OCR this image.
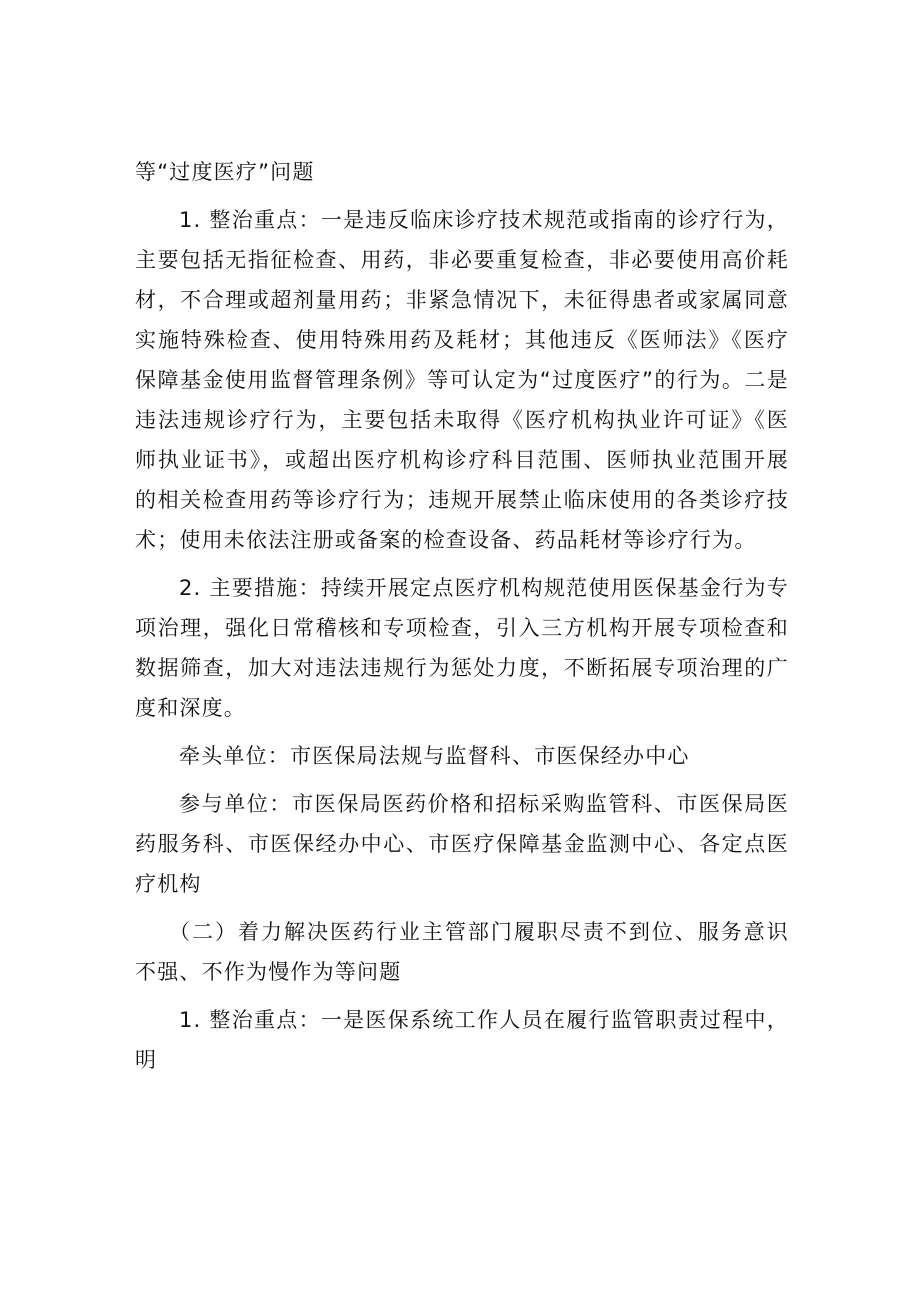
等“过度医疗”问题

1. 整治重点：一是违反临床诊疗技术规范或指南的诊疗行为，主要包括无指征检查、用药，非必要重复检查，非必要使用高价耗材，不合理或超剂量用药；非紧急情况下，未征得患者或家属同意实施特殊检查、使用特殊用药及耗材；其他违反《医师法》《医疗保障基金使用监督管理条例》等可认定为“过度医疗”的行为。二是违法违规诊疗行为，主要包括未取得《医疗机构执业许可证》《医师执业证书》，或超出医疗机构诊疗科目范围、医师执业范围开展的相关检查用药等诊疗行为；违规开展禁止临床使用的各类诊疗技术；使用未依法注册或备案的检查设备、药品耗材等诊疗行为。

2. 主要措施：持续开展定点医疗机构规范使用医保基金行为专项治理，强化日常稽核和专项检查，引入三方机构开展专项检查和数据筛查，加大对违法违规行为惩处力度，不断拓展专项治理的广度和深度。

牵头单位：市医保局法规与监督科、市医保经办中心

参与单位：市医保局医药价格和招标采购监管科、市医保局医药服务科、市医保经办中心、市医疗保障基金监测中心、各定点医疗机构

（二）着力解决医药行业主管部门履职尽责不到位、服务意识不强、不作为慢作为等问题

1. 整治重点：一是医保系统工作人员在履行监管职责过程中，明
